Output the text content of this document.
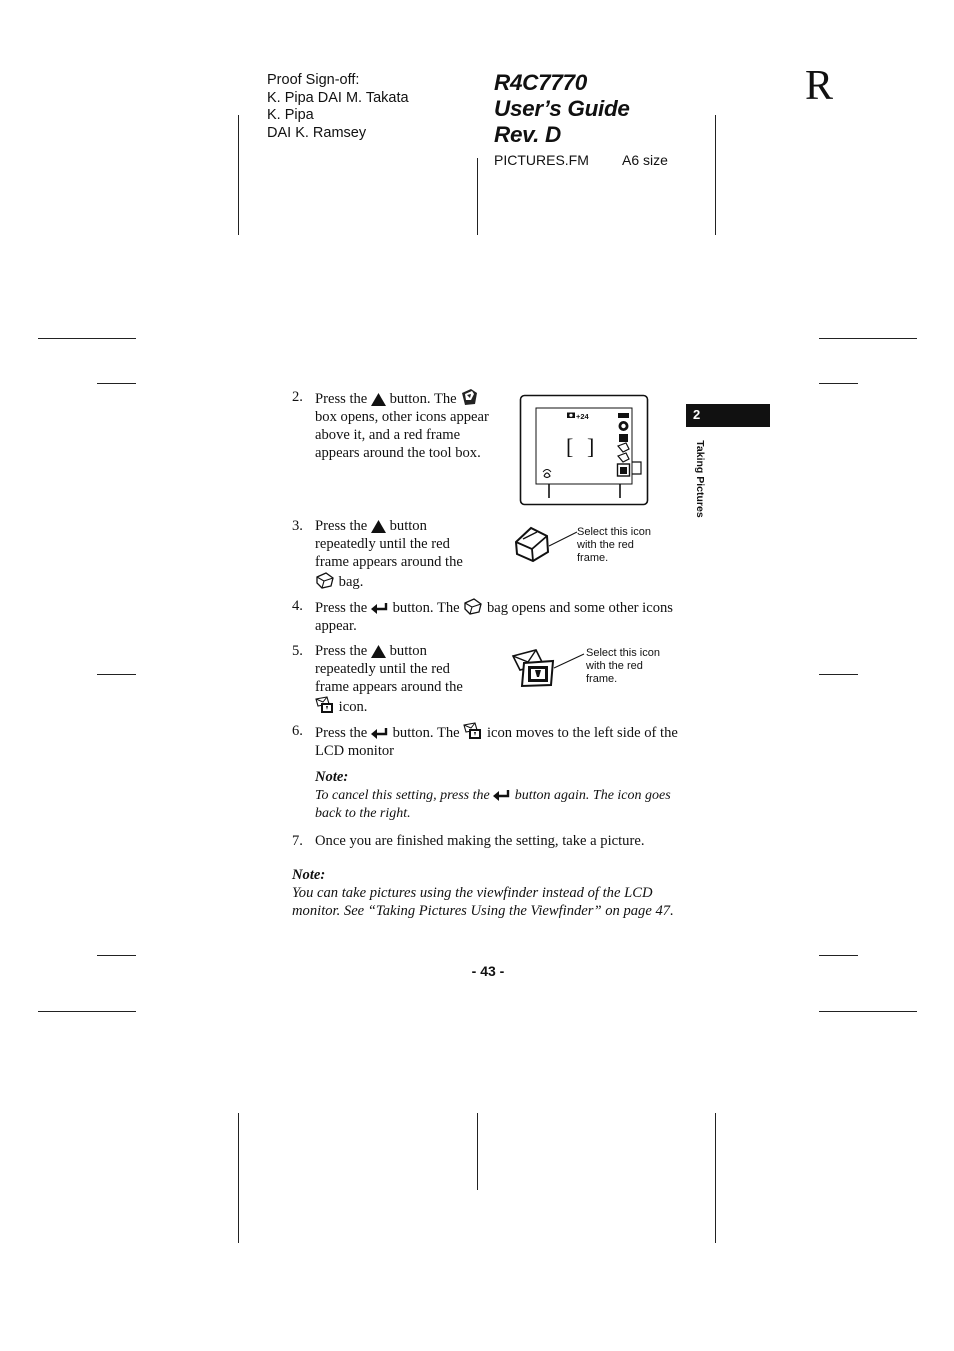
Proof Sign-off:
K. Pipa DAI M. Takata
K. Pipa
DAI K. Ramsey
R4C7770
User’s Guide
Rev. D
PICTURES.FM A6 size
R
2
Taking Pictures
2. Press the button. The  box opens, other icons appear above it, and a red frame appears around the tool box.
+24
[ ]
3. Press the button repeatedly until the red frame appears around the  bag.
Select this icon with the red frame.
4. Press the button. The bag opens and some other icons appear.
5. Press the button repeatedly until the red frame appears around the  icon.
Select this icon with the red frame.
6. Press the button. The icon moves to the left side of the LCD monitor
Note:
To cancel this setting, press the button again. The icon goes back to the right.
7. Once you are finished making the setting, take a picture.
Note:
You can take pictures using the viewfinder instead of the LCD monitor. See “Taking Pictures Using the Viewfinder” on page 47.
- 43 -
